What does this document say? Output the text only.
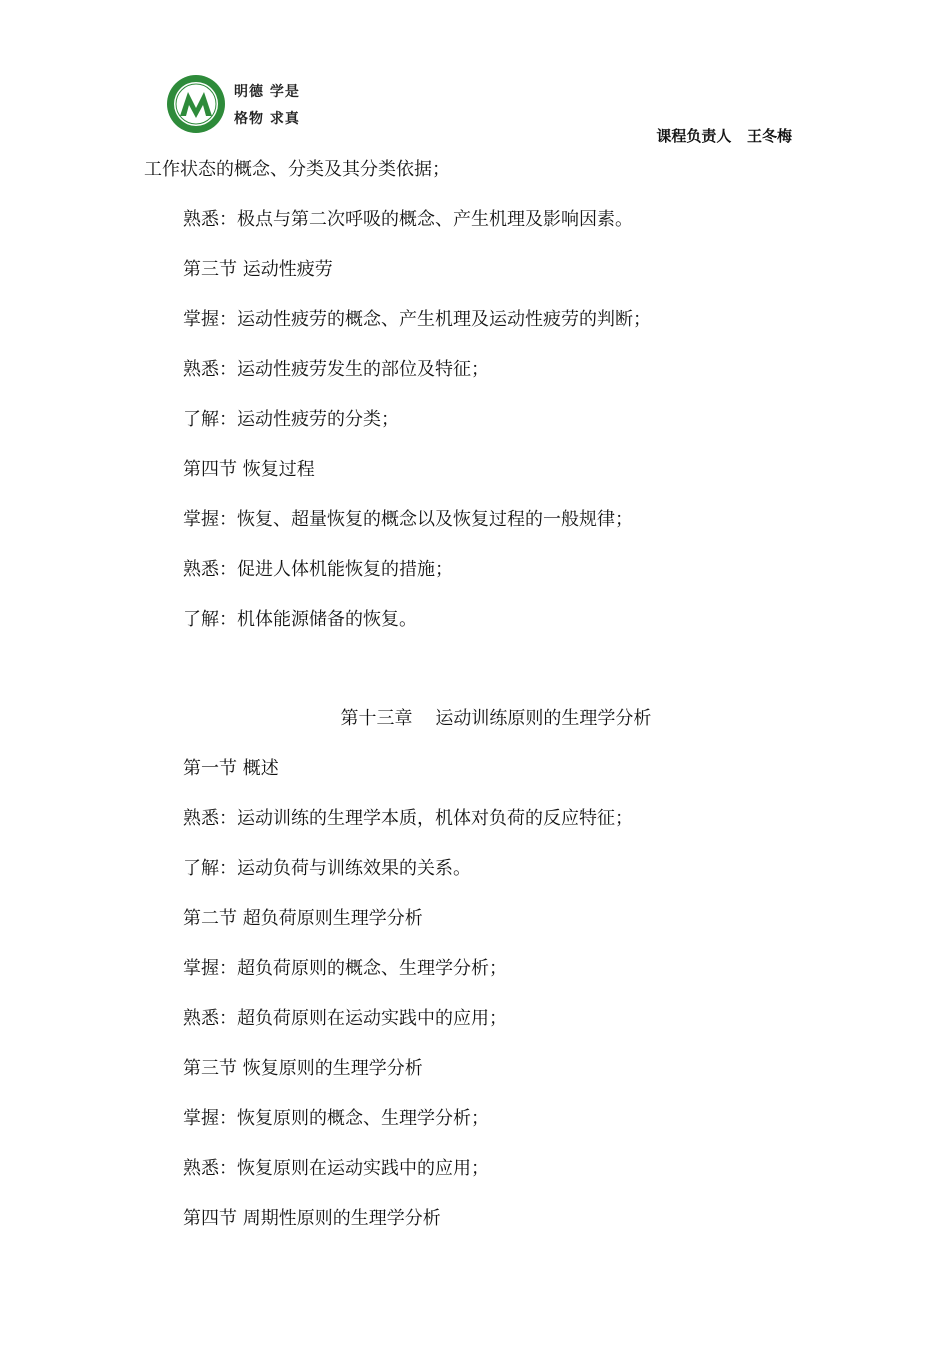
明德 学是
格物 求真
课程负责人   王冬梅
工作状态的概念、分类及其分类依据；
熟悉：极点与第二次呼吸的概念、产生机理及影响因素。
第三节 运动性疲劳
掌握：运动性疲劳的概念、产生机理及运动性疲劳的判断；
熟悉：运动性疲劳发生的部位及特征；
了解：运动性疲劳的分类；
第四节 恢复过程
掌握：恢复、超量恢复的概念以及恢复过程的一般规律；
熟悉：促进人体机能恢复的措施；
了解：机体能源储备的恢复。
第十三章    运动训练原则的生理学分析
第一节 概述
熟悉：运动训练的生理学本质，机体对负荷的反应特征；
了解：运动负荷与训练效果的关系。
第二节 超负荷原则生理学分析
掌握：超负荷原则的概念、生理学分析；
熟悉：超负荷原则在运动实践中的应用；
第三节 恢复原则的生理学分析
掌握：恢复原则的概念、生理学分析；
熟悉：恢复原则在运动实践中的应用；
第四节 周期性原则的生理学分析
